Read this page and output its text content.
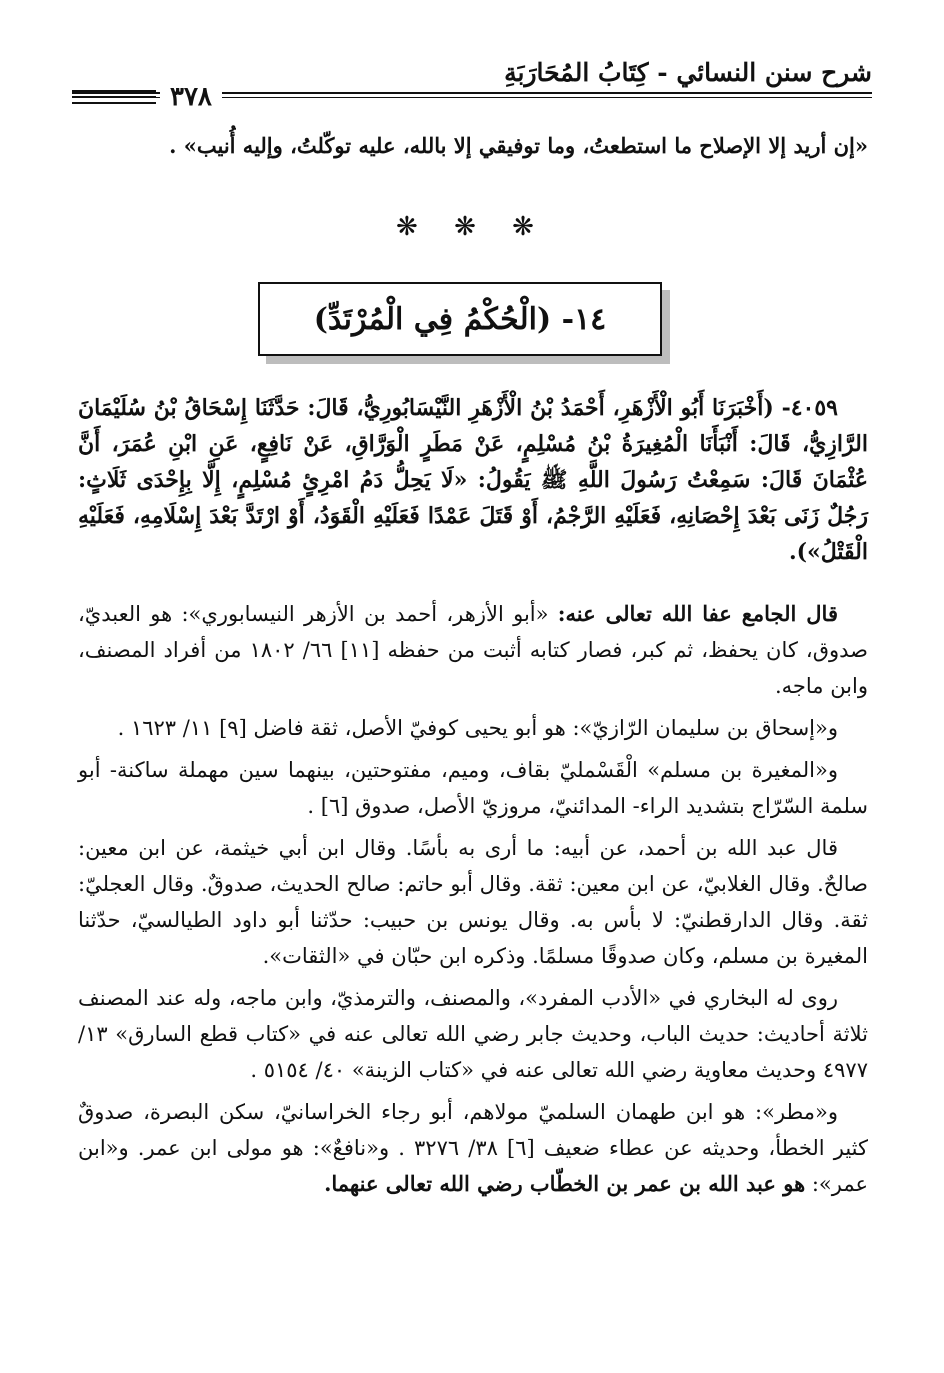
شرح سنن النسائي - كِتَابُ المُحَارَبَةِ
٣٧٨

«إن أريد إلا الإصلاح ما استطعتُ، وما توفيقي إلا بالله، عليه توكّلتُ، وإليه أُنيب» .

❋ ❋ ❋
١٤- (الْحُكْمُ فِي الْمُرْتَدِّ)

٤٠٥٩- (أَخْبَرَنَا أَبُو الْأَزْهَرِ، أَحْمَدُ بْنُ الْأَزْهَرِ النَّيْسَابُورِيُّ، قَالَ: حَدَّثَنَا إِسْحَاقُ بْنُ سُلَيْمَانَ الرَّازِيُّ، قَالَ: أَنْبَأَنَا الْمُغِيرَةُ بْنُ مُسْلِمٍ، عَنْ مَطَرٍ الْوَرَّاقِ، عَنْ نَافِعٍ، عَنِ ابْنِ عُمَرَ، أَنَّ عُثْمَانَ قَالَ: سَمِعْتُ رَسُولَ اللَّهِ ﷺ يَقُولُ: «لَا يَحِلُّ دَمُ امْرِئٍ مُسْلِمٍ، إِلَّا بِإِحْدَى ثَلَاثٍ: رَجُلٌ زَنَى بَعْدَ إِحْصَانِهِ، فَعَلَيْهِ الرَّجْمُ، أَوْ قَتَلَ عَمْدًا فَعَلَيْهِ الْقَوَدُ، أَوْ ارْتَدَّ بَعْدَ إِسْلَامِهِ، فَعَلَيْهِ الْقَتْلُ»).

قال الجامع عفا الله تعالى عنه: «أبو الأزهر، أحمد بن الأزهر النيسابوري»: هو العبديّ، صدوق، كان يحفظ، ثم كبر، فصار كتابه أثبت من حفظه [١١] ٦٦/ ١٨٠٢ من أفراد المصنف، وابن ماجه.

و«إسحاق بن سليمان الرّازيّ»: هو أبو يحيى كوفيّ الأصل، ثقة فاضل [٩] ١١/ ١٦٢٣ .

و«المغيرة بن مسلم» الْقَسْمليّ بقاف، وميم، مفتوحتين، بينهما سين مهملة ساكنة- أبو سلمة السّرّاج بتشديد الراء- المدائنيّ، مروزيّ الأصل، صدوق [٦] .

قال عبد الله بن أحمد، عن أبيه: ما أرى به بأسًا. وقال ابن أبي خيثمة، عن ابن معين: صالحٌ. وقال الغلابيّ، عن ابن معين: ثقة. وقال أبو حاتم: صالح الحديث، صدوقٌ. وقال العجليّ: ثقة. وقال الدارقطنيّ: لا بأس به. وقال يونس بن حبيب: حدّثنا أبو داود الطيالسيّ، حدّثنا المغيرة بن مسلم، وكان صدوقًا مسلمًا. وذكره ابن حبّان في «الثقات».

روى له البخاري في «الأدب المفرد»، والمصنف، والترمذيّ، وابن ماجه، وله عند المصنف ثلاثة أحاديث: حديث الباب، وحديث جابر رضي الله تعالى عنه في «كتاب قطع السارق» ١٣/ ٤٩٧٧ وحديث معاوية رضي الله تعالى عنه في «كتاب الزينة» ٤٠/ ٥١٥٤ .

و«مطر»: هو ابن طهمان السلميّ مولاهم، أبو رجاء الخراسانيّ، سكن البصرة، صدوقٌ كثير الخطأ، وحديثه عن عطاء ضعيف [٦] ٣٨/ ٣٢٧٦ . و«نافعٌ»: هو مولى ابن عمر. و«ابن عمر»: هو عبد الله بن عمر بن الخطّاب رضي الله تعالى عنهما.
